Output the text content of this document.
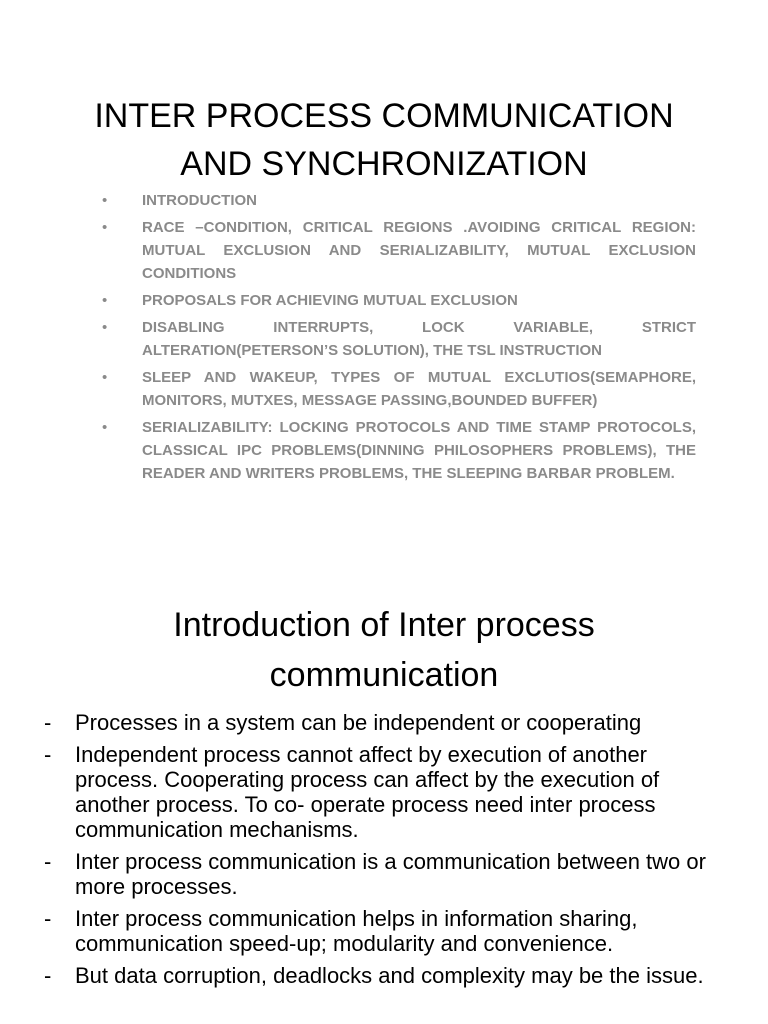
INTER PROCESS COMMUNICATION
AND SYNCHRONIZATION
• INTRODUCTION
• RACE –CONDITION, CRITICAL REGIONS .AVOIDING CRITICAL REGION: MUTUAL EXCLUSION AND SERIALIZABILITY, MUTUAL EXCLUSION CONDITIONS
• PROPOSALS FOR ACHIEVING MUTUAL EXCLUSION
• DISABLING INTERRUPTS, LOCK VARIABLE, STRICT ALTERATION(PETERSON’S SOLUTION), THE TSL INSTRUCTION
• SLEEP AND WAKEUP, TYPES OF MUTUAL EXCLUTIOS(SEMAPHORE, MONITORS, MUTXES, MESSAGE PASSING,BOUNDED BUFFER)
• SERIALIZABILITY: LOCKING PROTOCOLS AND TIME STAMP PROTOCOLS, CLASSICAL IPC PROBLEMS(DINNING PHILOSOPHERS PROBLEMS), THE READER AND WRITERS PROBLEMS, THE SLEEPING BARBAR PROBLEM.
Introduction of Inter process
communication
- Processes in a system can be independent or cooperating
- Independent process cannot affect by execution of another process. Cooperating process can affect by the execution of another process. To co- operate process need inter process communication mechanisms.
- Inter process communication is a communication between two or more processes.
- Inter process communication helps in information sharing, communication speed-up; modularity and convenience.
- But data corruption, deadlocks and complexity may be the issue.
